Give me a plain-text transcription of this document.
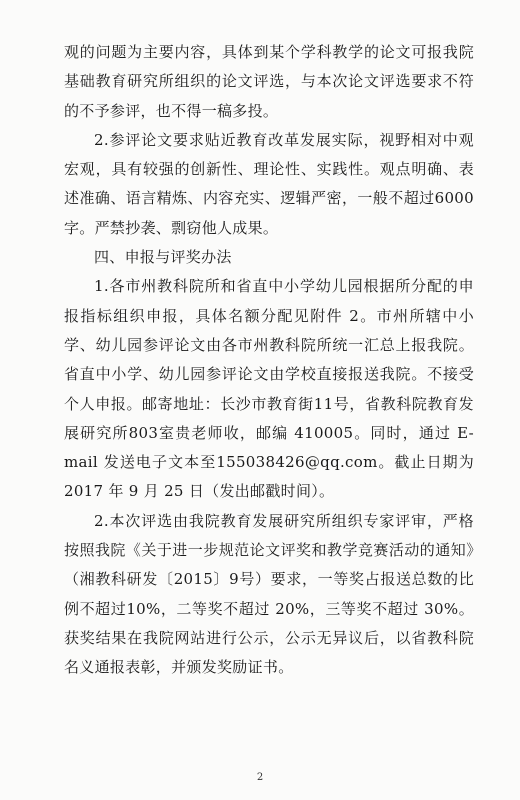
观的问题为主要内容，具体到某个学科教学的论文可报我院基础教育研究所组织的论文评选，与本次论文评选要求不符的不予参评，也不得一稿多投。

2.参评论文要求贴近教育改革发展实际，视野相对中观宏观，具有较强的创新性、理论性、实践性。观点明确、表述准确、语言精炼、内容充实、逻辑严密，一般不超过6000字。严禁抄袭、剽窃他人成果。

四、申报与评奖办法

1.各市州教科院所和省直中小学幼儿园根据所分配的申报指标组织申报，具体名额分配见附件 2。市州所辖中小学、幼儿园参评论文由各市州教科院所统一汇总上报我院。省直中小学、幼儿园参评论文由学校直接报送我院。不接受个人申报。邮寄地址：长沙市教育街11号，省教科院教育发展研究所803室贵老师收，邮编 410005。同时，通过 E-mail 发送电子文本至155038426@qq.com。截止日期为 2017 年 9 月 25 日（发出邮戳时间）。

2.本次评选由我院教育发展研究所组织专家评审，严格按照我院《关于进一步规范论文评奖和教学竞赛活动的通知》（湘教科研发〔2015〕9号）要求，一等奖占报送总数的比例不超过10%，二等奖不超过 20%，三等奖不超过 30%。获奖结果在我院网站进行公示，公示无异议后，以省教科院名义通报表彰，并颁发奖励证书。

2
